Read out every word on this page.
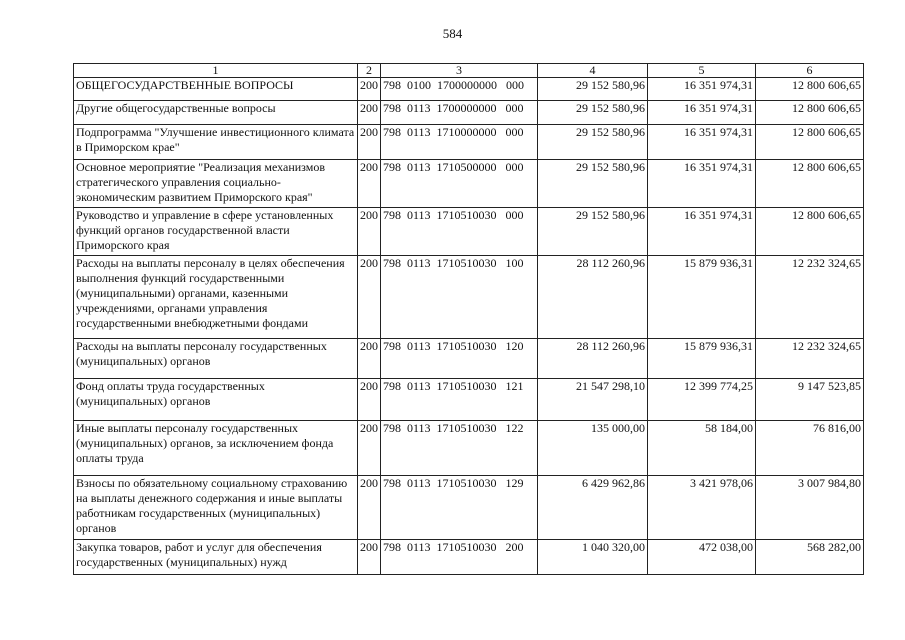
584
1	2	3	4	5	6
ОБЩЕГОСУДАРСТВЕННЫЕ ВОПРОСЫ	200	798  0100  1700000000   000	29 152 580,96	16 351 974,31	12 800 606,65
Другие общегосударственные вопросы	200	798  0113  1700000000   000	29 152 580,96	16 351 974,31	12 800 606,65
Подпрограмма "Улучшение инвестиционного климата в Приморском крае"	200	798  0113  1710000000   000	29 152 580,96	16 351 974,31	12 800 606,65
Основное мероприятие "Реализация механизмов стратегического управления социально-экономическим развитием Приморского края"	200	798  0113  1710500000   000	29 152 580,96	16 351 974,31	12 800 606,65
Руководство и управление в сфере установленных функций органов государственной власти Приморского края	200	798  0113  1710510030   000	29 152 580,96	16 351 974,31	12 800 606,65
Расходы на выплаты персоналу в целях обеспечения выполнения функций государственными (муниципальными) органами, казенными учреждениями, органами управления государственными внебюджетными фондами	200	798  0113  1710510030   100	28 112 260,96	15 879 936,31	12 232 324,65
Расходы на выплаты персоналу государственных (муниципальных) органов	200	798  0113  1710510030   120	28 112 260,96	15 879 936,31	12 232 324,65
Фонд оплаты труда государственных (муниципальных) органов	200	798  0113  1710510030   121	21 547 298,10	12 399 774,25	9 147 523,85
Иные выплаты персоналу государственных (муниципальных) органов, за исключением фонда оплаты труда	200	798  0113  1710510030   122	135 000,00	58 184,00	76 816,00
Взносы по обязательному социальному страхованию на выплаты денежного содержания и иные выплаты работникам государственных (муниципальных) органов	200	798  0113  1710510030   129	6 429 962,86	3 421 978,06	3 007 984,80
Закупка товаров, работ и услуг для обеспечения государственных (муниципальных) нужд	200	798  0113  1710510030   200	1 040 320,00	472 038,00	568 282,00
